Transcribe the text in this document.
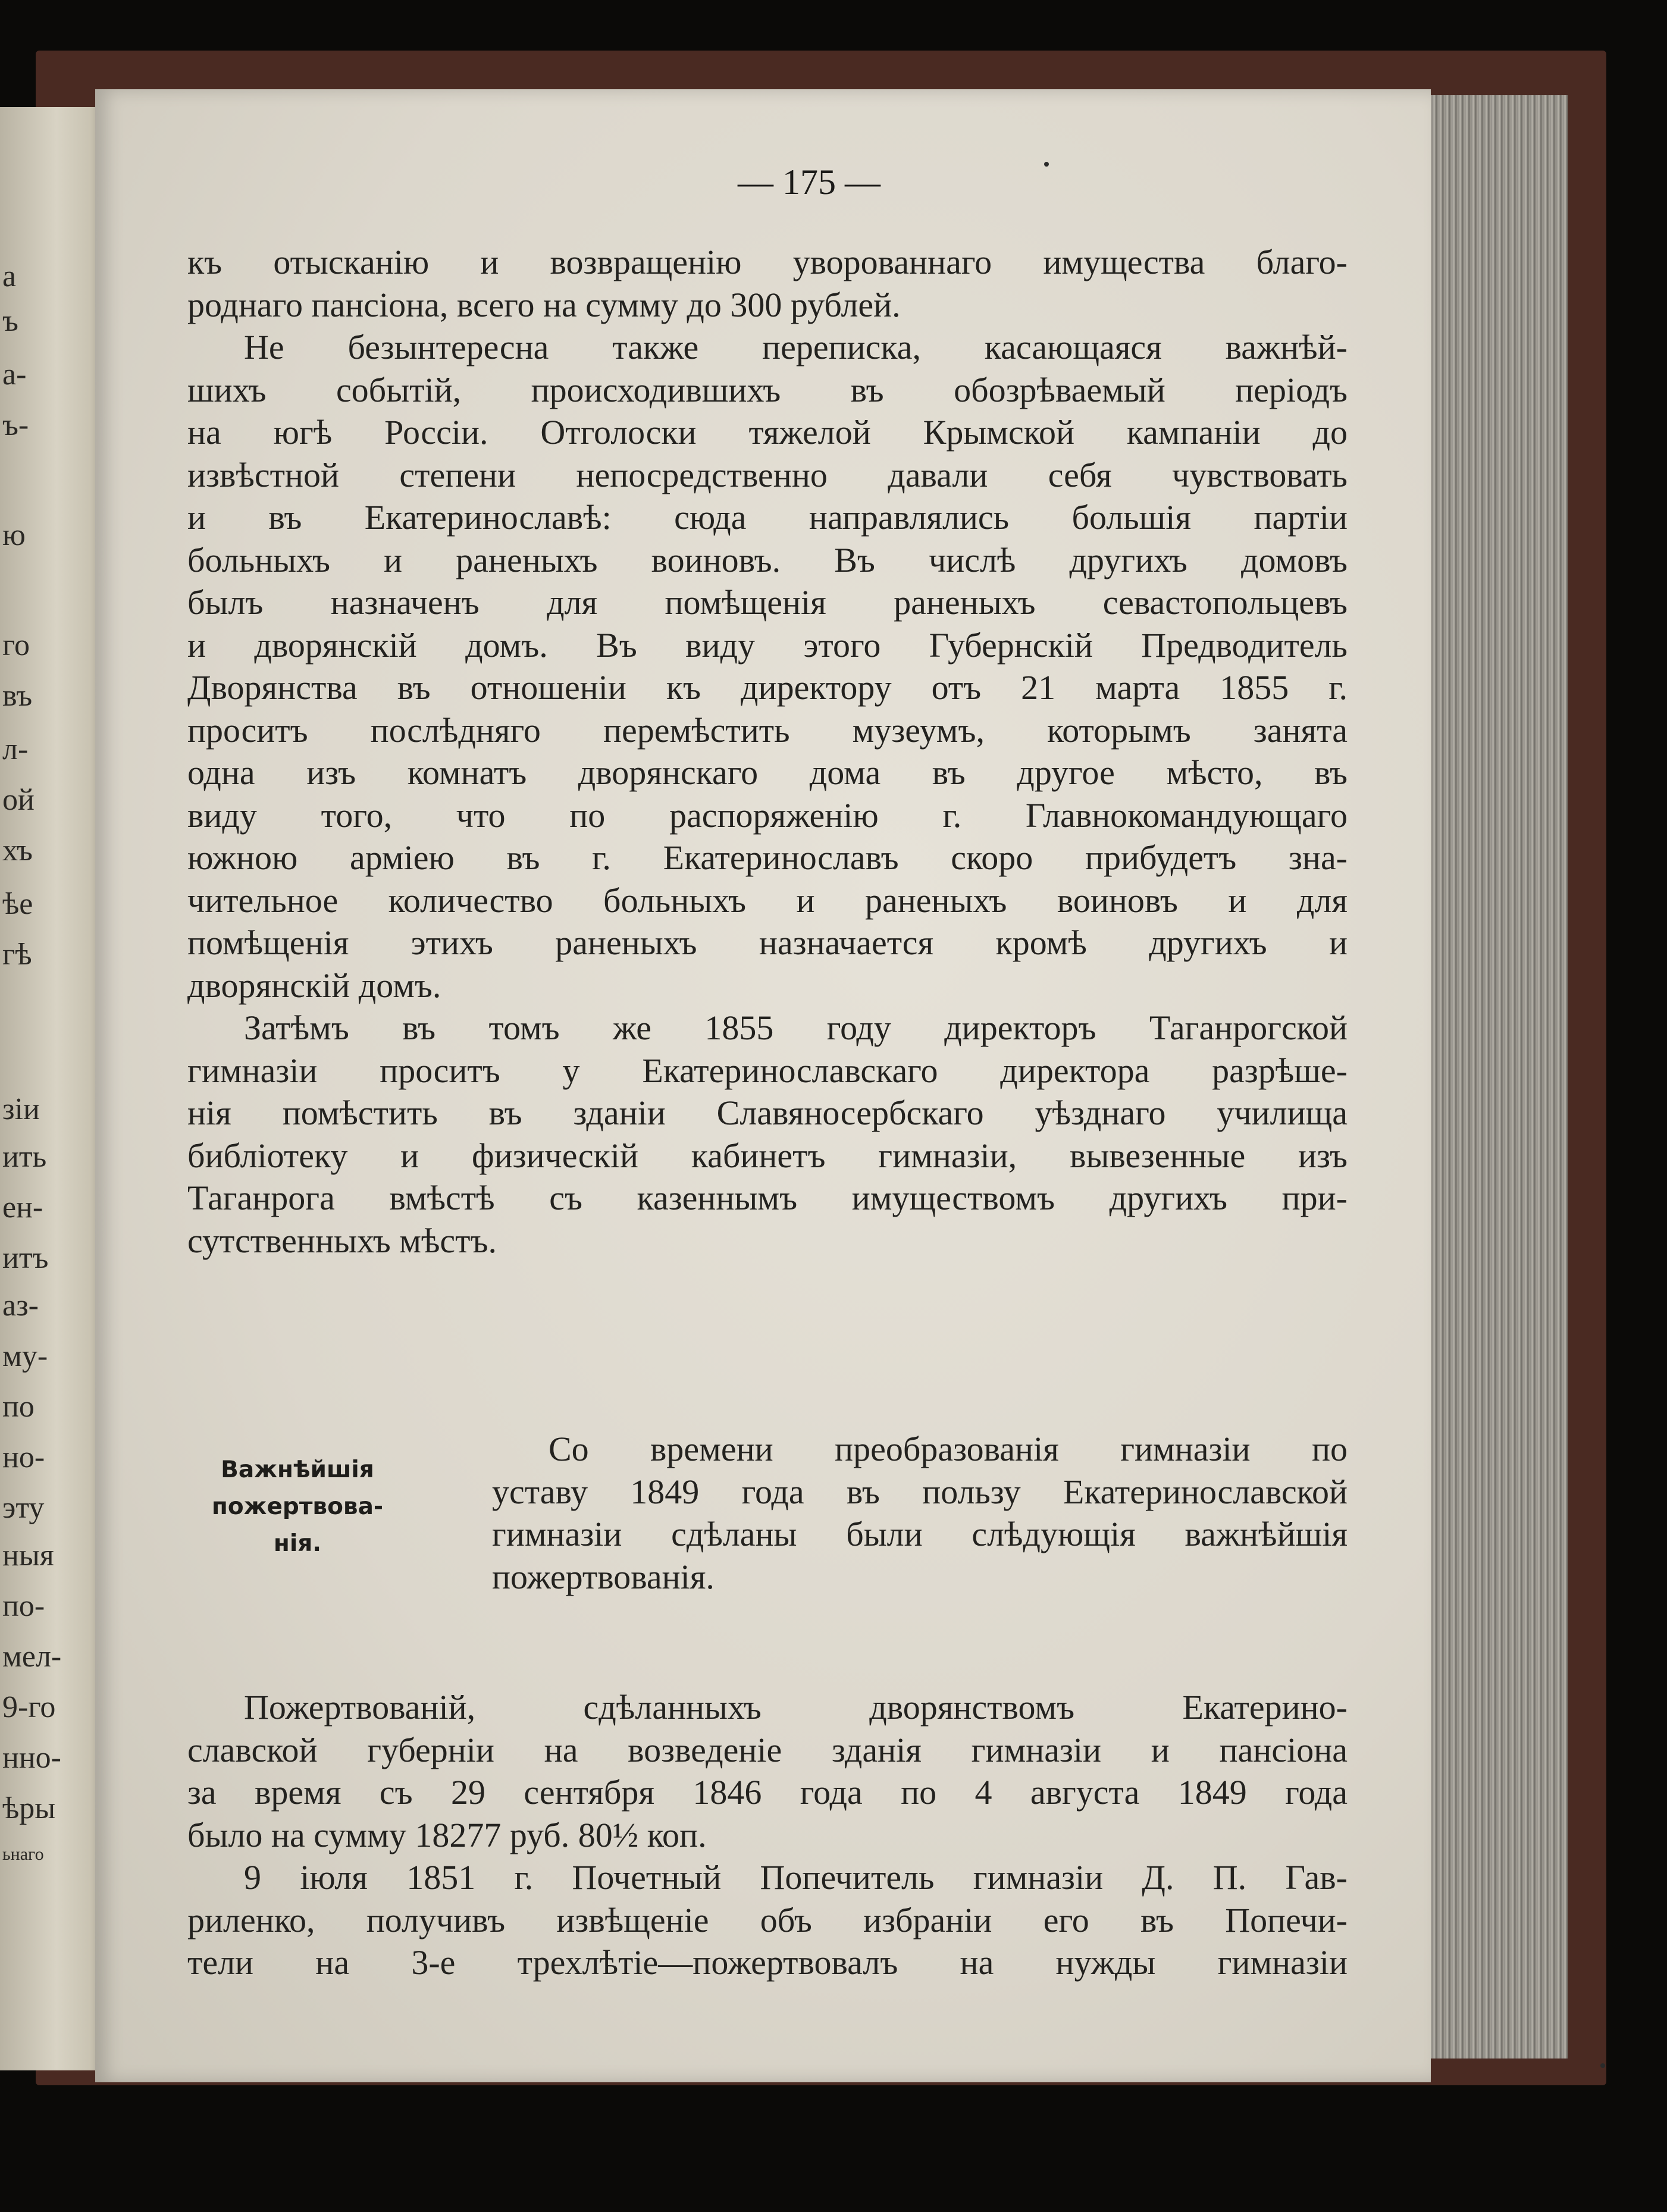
а
ъ
а-
ъ-
ю
го
въ
л-
ой
хъ
ѣе
гѣ
зіи
ить
ен-
итъ
аз-
му-
по
но-
эту
ныя
по-
мел-
9-го
нно-
ѣры
ьнаго
— 175 —
къ отысканію и возвращенію уворованнаго имущества благо-
роднаго пансіона, всего на сумму до 300 рублей.
Не безынтересна также переписка, касающаяся важнѣй-
шихъ событій, происходившихъ въ обозрѣваемый періодъ
на югѣ Россіи. Отголоски тяжелой Крымской кампаніи до
извѣстной степени непосредственно давали себя чувствовать
и въ Екатеринославѣ: сюда направлялись большія партіи
больныхъ и раненыхъ воиновъ. Въ числѣ другихъ домовъ
былъ назначенъ для помѣщенія раненыхъ севастопольцевъ
и дворянскій домъ. Въ виду этого Губернскій Предводитель
Дворянства въ отношеніи къ директору отъ 21 марта 1855 г.
проситъ послѣдняго перемѣстить музеумъ, которымъ занята
одна изъ комнатъ дворянскаго дома въ другое мѣсто, въ
виду того, что по распоряженію г. Главнокомандующаго
южною арміею въ г. Екатеринославъ скоро прибудетъ зна-
чительное количество больныхъ и раненыхъ воиновъ и для
помѣщенія этихъ раненыхъ назначается кромѣ другихъ и
дворянскій домъ.
Затѣмъ въ томъ же 1855 году директоръ Таганрогской
гимназіи проситъ у Екатеринославскаго директора разрѣше-
нія помѣстить въ зданіи Славяносербскаго уѣзднаго училища
библіотеку и физическій кабинетъ гимназіи, вывезенные изъ
Таганрога вмѣстѣ съ казеннымъ имуществомъ другихъ при-
сутственныхъ мѣстъ.
Важнѣйшія
пожертвова-
нія.
Со времени преобразованія гимназіи по
уставу 1849 года въ пользу Екатеринославской
гимназіи сдѣланы были слѣдующія важнѣйшія
пожертвованія.
Пожертвованій, сдѣланныхъ дворянствомъ Екатерино-
славской губерніи на возведеніе зданія гимназіи и пансіона
за время съ 29 сентября 1846 года по 4 августа 1849 года
было на сумму 18277 руб. 80½ коп.
9 іюля 1851 г. Почетный Попечитель гимназіи Д. П. Гав-
риленко, получивъ извѣщеніе объ избраніи его въ Попечи-
тели на 3-е трехлѣтіе—пожертвовалъ на нужды гимназіи
